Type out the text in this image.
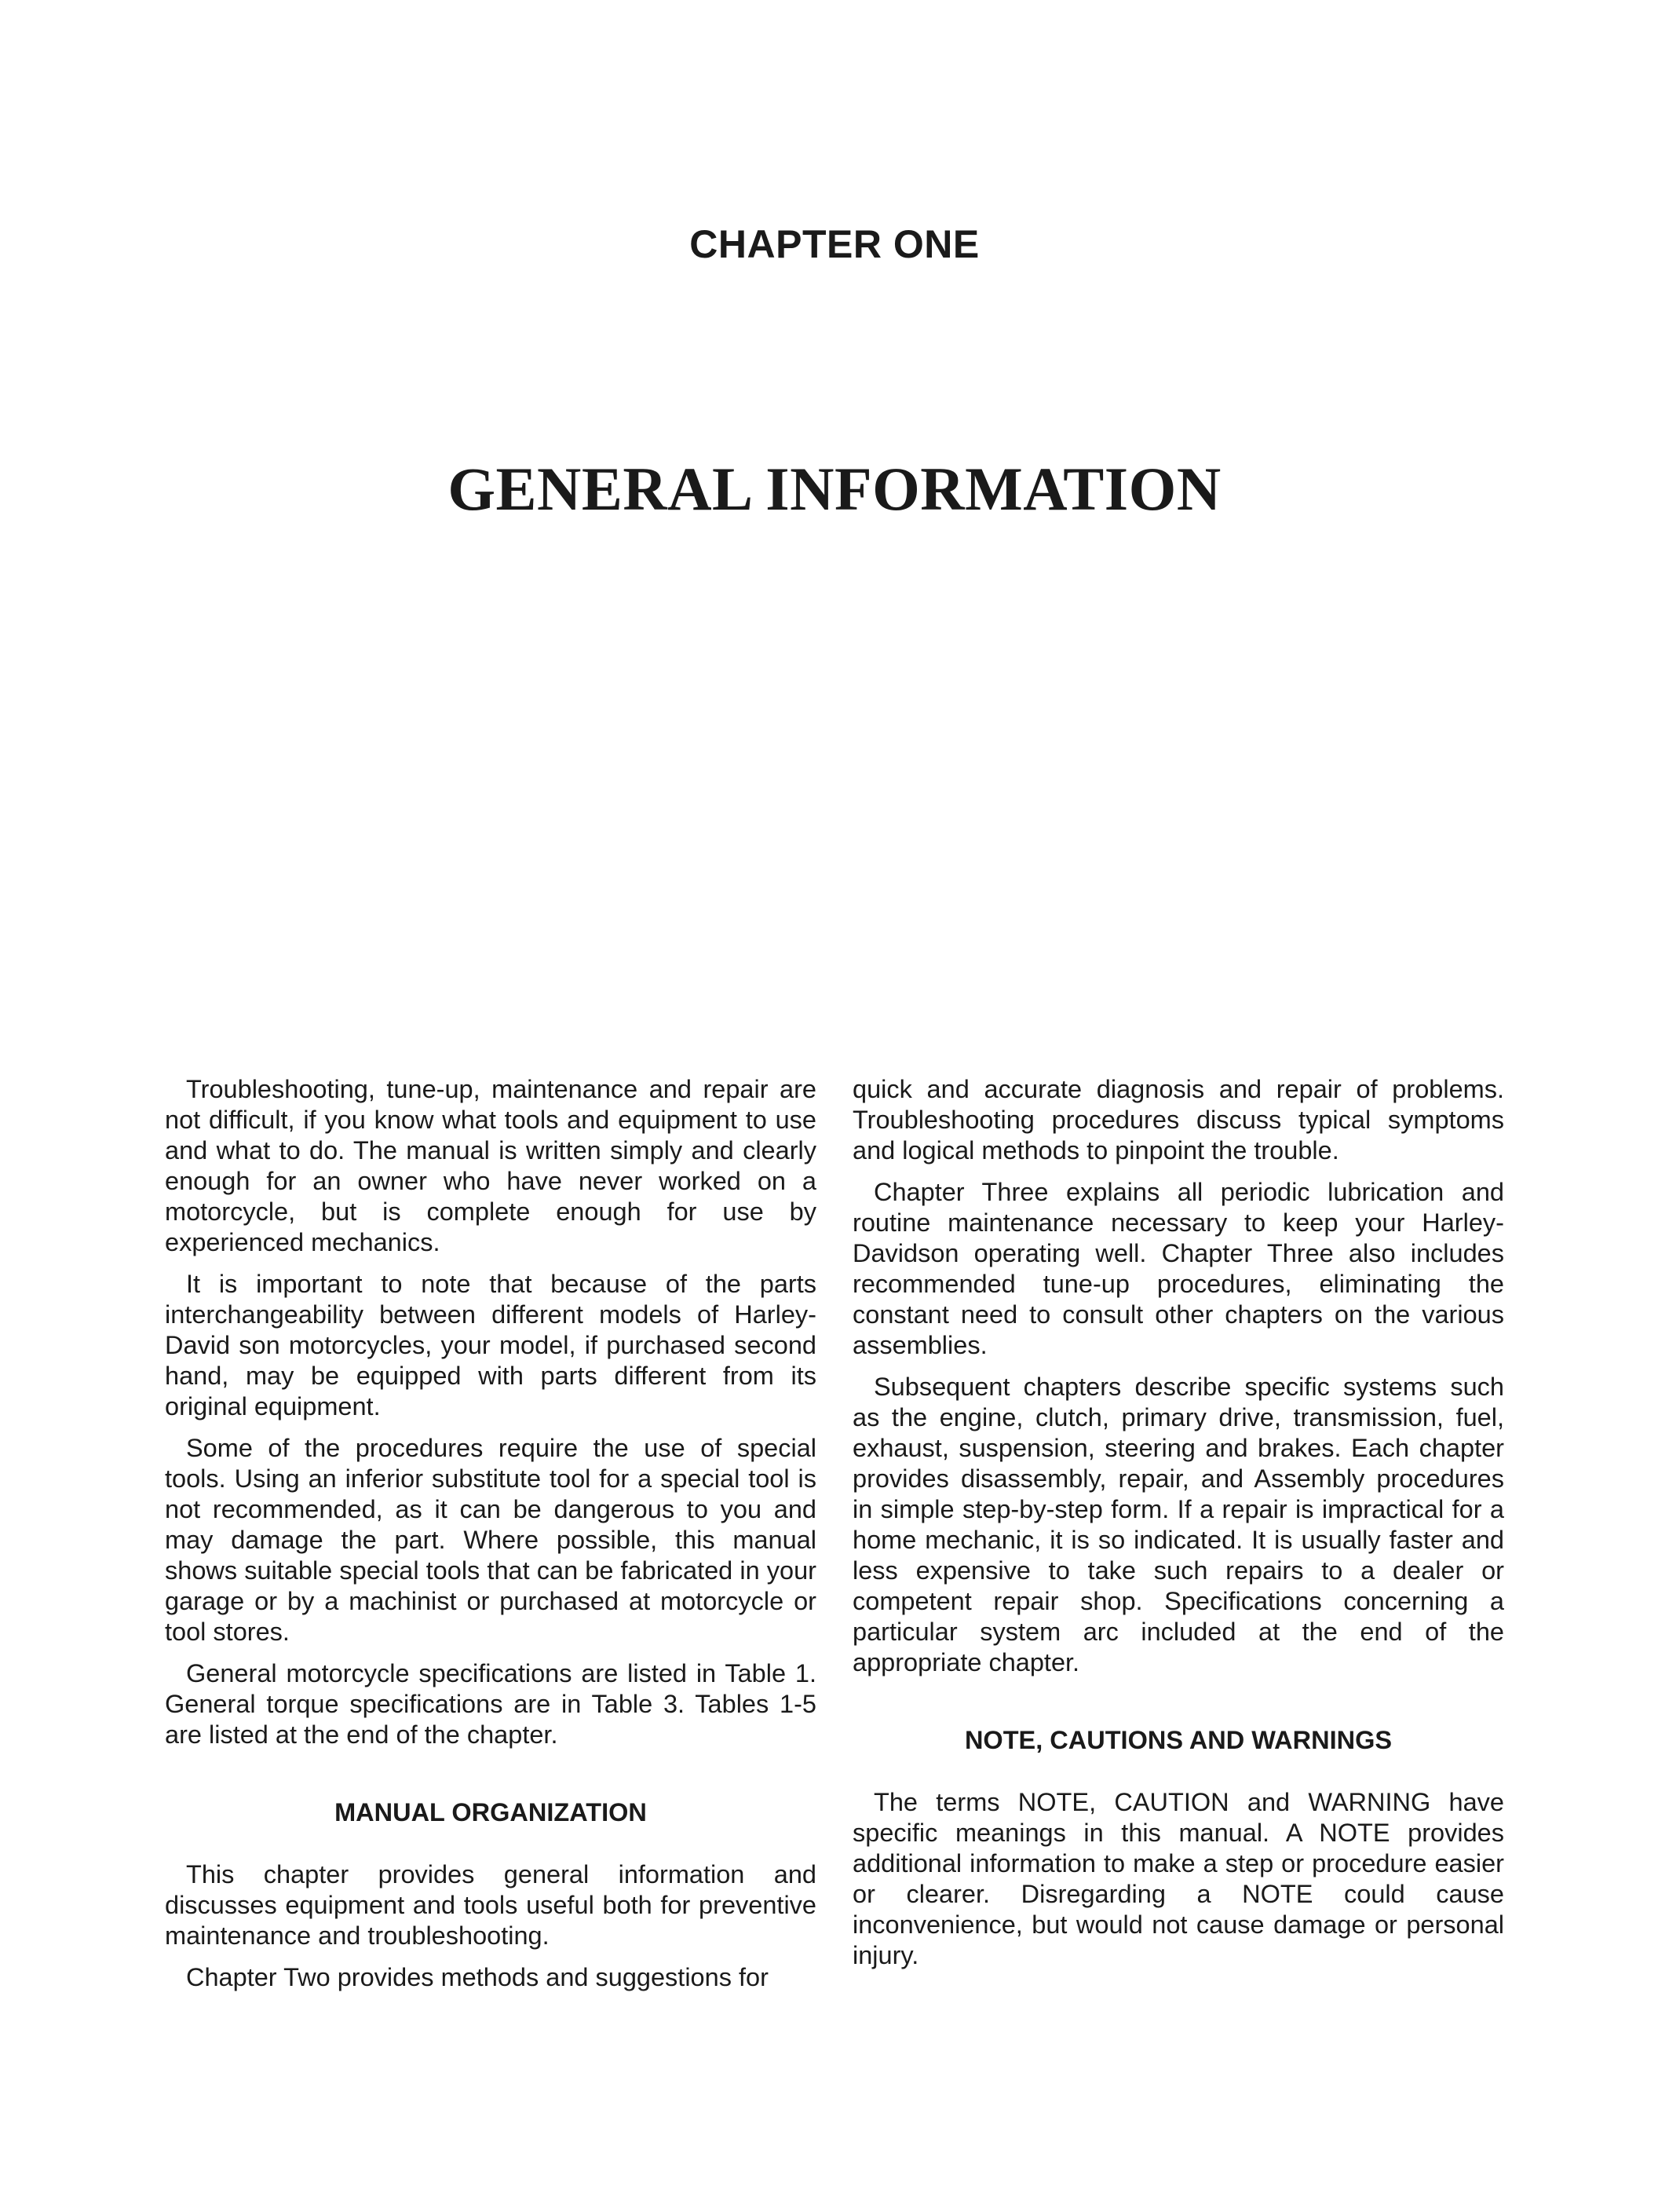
CHAPTER ONE
GENERAL INFORMATION

Troubleshooting, tune-up, maintenance and repair are not difficult, if you know what tools and equipment to use and what to do. The manual is written simply and clearly enough for an owner who have never worked on a motorcycle, but is complete enough for use by experienced mechanics.

It is important to note that because of the parts interchangeability between different models of Harley-David son motorcycles, your model, if purchased second hand, may be equipped with parts different from its original equipment.

Some of the procedures require the use of special tools. Using an inferior substitute tool for a special tool is not recommended, as it can be dangerous to you and may damage the part. Where possible, this manual shows suitable special tools that can be fabricated in your garage or by a machinist or purchased at motorcycle or tool stores.

General motorcycle specifications are listed in Table 1. General torque specifications are in Table 3. Tables 1-5 are listed at the end of the chapter.

MANUAL ORGANIZATION

This chapter provides general information and discusses equipment and tools useful both for preventive maintenance and troubleshooting.

Chapter Two provides methods and suggestions for

quick and accurate diagnosis and repair of problems. Troubleshooting procedures discuss typical symptoms and logical methods to pinpoint the trouble.

Chapter Three explains all periodic lubrication and routine maintenance necessary to keep your Harley-Davidson operating well. Chapter Three also includes recommended tune-up procedures, eliminating the constant need to consult other chapters on the various assemblies.

Subsequent chapters describe specific systems such as the engine, clutch, primary drive, transmission, fuel, exhaust, suspension, steering and brakes. Each chapter provides disassembly, repair, and Assembly procedures in simple step-by-step form. If a repair is impractical for a home mechanic, it is so indicated. It is usually faster and less expensive to take such repairs to a dealer or competent repair shop. Specifications concerning a particular system arc included at the end of the appropriate chapter.

NOTE, CAUTIONS AND WARNINGS

The terms NOTE, CAUTION and WARNING have specific meanings in this manual. A NOTE provides additional information to make a step or procedure easier or clearer. Disregarding a NOTE could cause inconvenience, but would not cause damage or personal injury.
